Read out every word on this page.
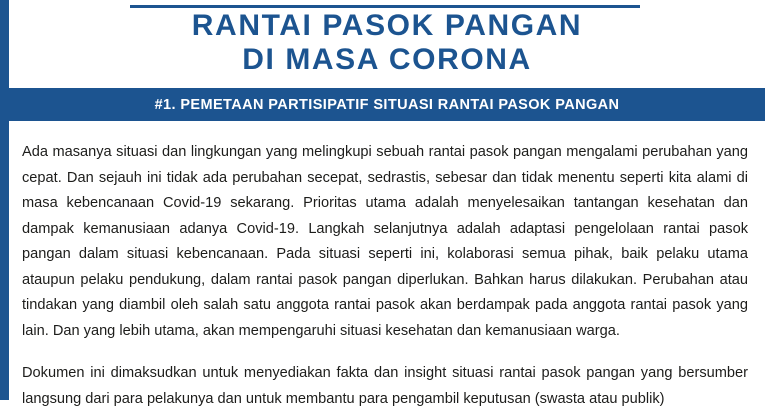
RANTAI PASOK PANGAN
DI MASA CORONA
#1. PEMETAAN PARTISIPATIF SITUASI RANTAI PASOK PANGAN

Ada masanya situasi dan lingkungan yang melingkupi sebuah rantai pasok pangan mengalami perubahan yang cepat. Dan sejauh ini tidak ada perubahan secepat, sedrastis, sebesar dan tidak menentu seperti kita alami di masa kebencanaan Covid-19 sekarang. Prioritas utama adalah menyelesaikan tantangan kesehatan dan dampak kemanusiaan adanya Covid-19. Langkah selanjutnya adalah adaptasi pengelolaan rantai pasok pangan dalam situasi kebencanaan. Pada situasi seperti ini, kolaborasi semua pihak, baik pelaku utama ataupun pelaku pendukung, dalam rantai pasok pangan diperlukan. Bahkan harus dilakukan. Perubahan atau tindakan yang diambil oleh salah satu anggota rantai pasok akan berdampak pada anggota rantai pasok yang lain. Dan yang lebih utama, akan mempengaruhi situasi kesehatan dan kemanusiaan warga.

Dokumen ini dimaksudkan untuk menyediakan fakta dan insight situasi rantai pasok pangan yang bersumber langsung dari para pelakunya dan untuk membantu para pengambil keputusan (swasta atau publik)
